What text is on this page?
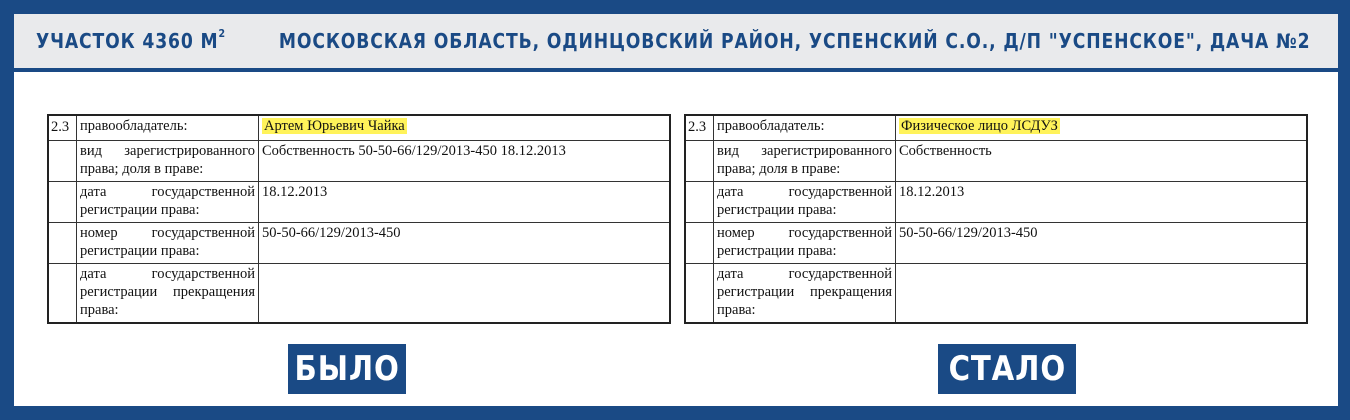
УЧАСТОК 4360 $М^2$	МОСКОВСКАЯ ОБЛАСТЬ, ОДИНЦОВСКИЙ РАЙОН, УСПЕНСКИЙ С.О., Д/П "УСПЕНСКОЕ", ДАЧА №2
2.3	правообладатель:	Артем Юрьевич Чайка
	вид зарегистрированного права; доля в праве:	Собственность 50-50-66/129/2013-450 18.12.2013
	дата государственной регистрации права:	18.12.2013
	номер государственной регистрации права:	50-50-66/129/2013-450
	дата государственной регистрации прекращения права:	
2.3	правообладатель:	Физическое лицо ЛСДУЗ
	вид зарегистрированного права; доля в праве:	Собственность
	дата государственной регистрации права:	18.12.2013
	номер государственной регистрации права:	50-50-66/129/2013-450
	дата государственной регистрации прекращения права:	
БЫЛО	СТАЛО
